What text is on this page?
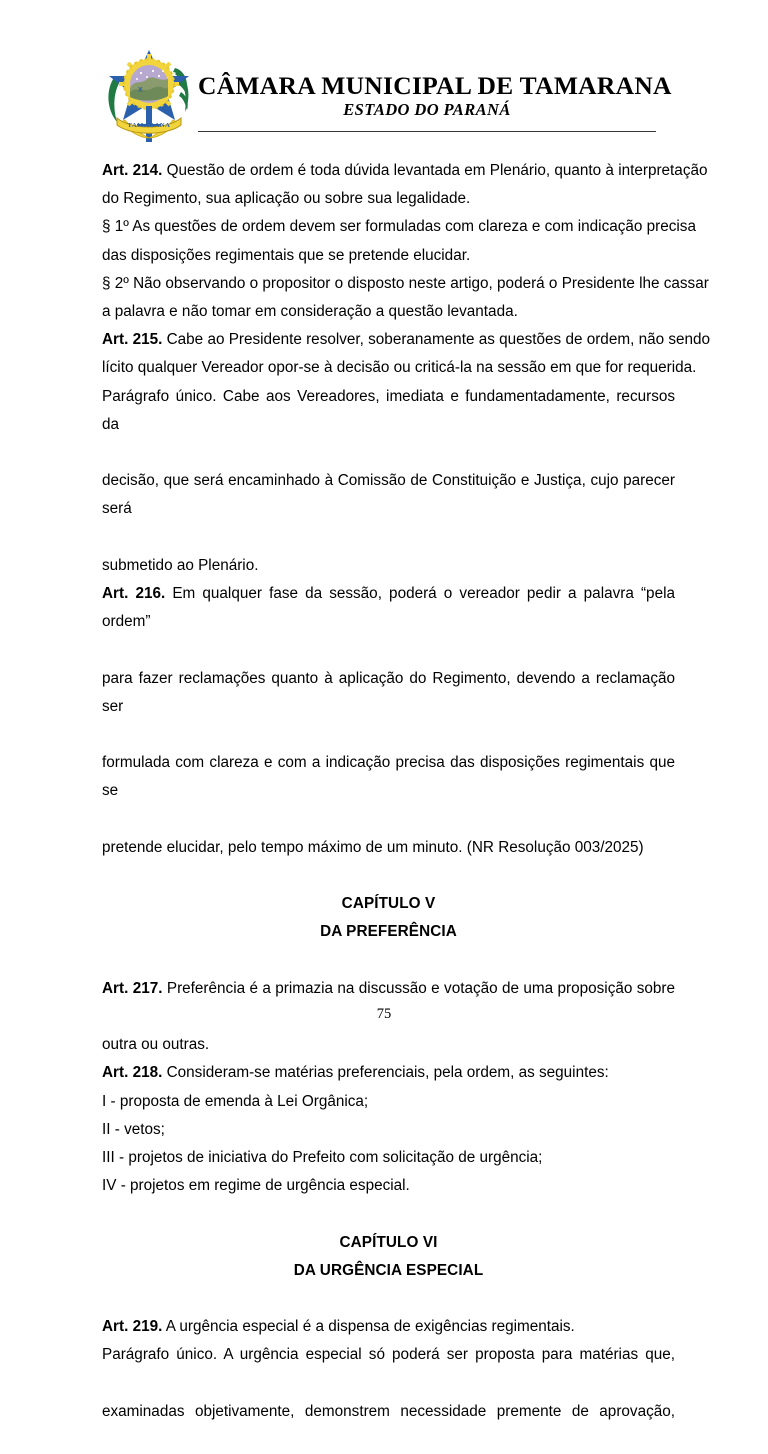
X
TAMARANA
CÂMARA MUNICIPAL DE TAMARANA
ESTADO DO PARANÁ

Art. 214. Questão de ordem é toda dúvida levantada em Plenário, quanto à interpretação

do Regimento, sua aplicação ou sobre sua legalidade.

§ 1º As questões de ordem devem ser formuladas com clareza e com indicação precisa

das disposições regimentais que se pretende elucidar.

§ 2º Não observando o propositor o disposto neste artigo, poderá o Presidente lhe cassar

a palavra e não tomar em consideração a questão levantada.

Art. 215. Cabe ao Presidente resolver, soberanamente as questões de ordem, não sendo

lícito qualquer Vereador opor-se à decisão ou criticá-la na sessão em que for requerida.

Parágrafo único. Cabe aos Vereadores, imediata e fundamentadamente, recursos da

decisão, que será encaminhado à Comissão de Constituição e Justiça, cujo parecer será

submetido ao Plenário.

Art. 216. Em qualquer fase da sessão, poderá o vereador pedir a palavra “pela ordem”

para fazer reclamações quanto à aplicação do Regimento, devendo a reclamação ser

formulada com clareza e com a indicação precisa das disposições regimentais que se

pretende elucidar, pelo tempo máximo de um minuto. (NR Resolução 003/2025)

CAPÍTULO V

DA PREFERÊNCIA

Art. 217. Preferência é a primazia na discussão e votação de uma proposição sobre

outra ou outras.

Art. 218. Consideram-se matérias preferenciais, pela ordem, as seguintes:

I - proposta de emenda à Lei Orgânica;

II - vetos;

III - projetos de iniciativa do Prefeito com solicitação de urgência;

IV - projetos em regime de urgência especial.

CAPÍTULO VI

DA URGÊNCIA ESPECIAL

Art. 219. A urgência especial é a dispensa de exigências regimentais.

Parágrafo único. A urgência especial só poderá ser proposta para matérias que,

examinadas objetivamente, demonstrem necessidade premente de aprovação,

75
